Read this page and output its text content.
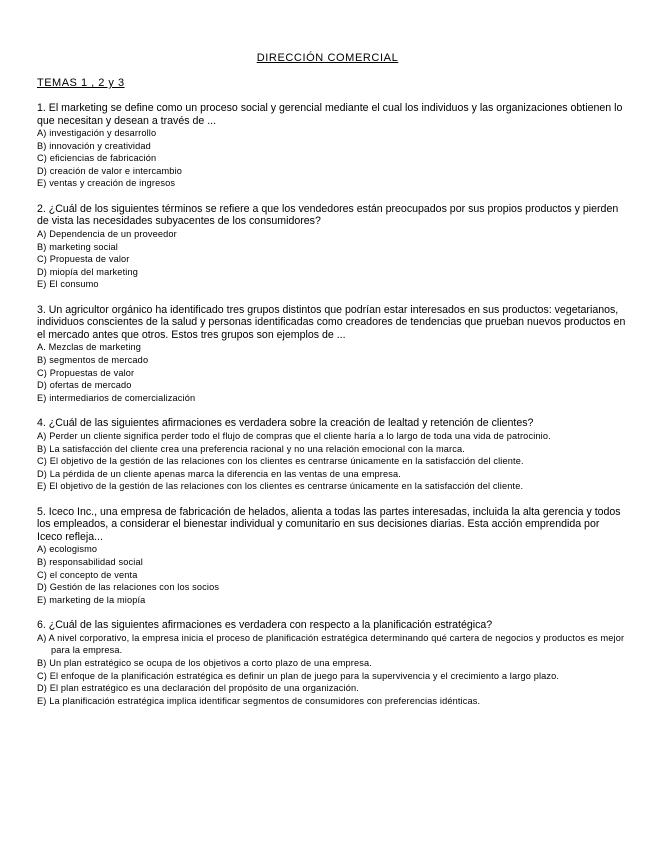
DIRECCIÓN COMERCIAL
TEMAS 1 , 2 y 3

1. El marketing se define como un proceso social y gerencial mediante el cual los individuos y las organizaciones obtienen lo que necesitan y desean a través de ...

A) investigación y desarrollo
B) innovación y creatividad
C) eficiencias de fabricación
D) creación de valor e intercambio
E) ventas y creación de ingresos

2. ¿Cuál de los siguientes términos se refiere a que los vendedores están preocupados por sus propios productos y pierden de vista las necesidades subyacentes de los consumidores?

A) Dependencia de un proveedor
B) marketing social
C) Propuesta de valor
D) miopía del marketing
E) El consumo

3. Un agricultor orgánico ha identificado tres grupos distintos que podrían estar interesados en sus productos: vegetarianos, individuos conscientes de la salud y personas identificadas como creadores de tendencias que prueban nuevos productos en el mercado antes que otros. Estos tres grupos son ejemplos de ...

A. Mezclas de marketing
B) segmentos de mercado
C) Propuestas de valor
D) ofertas de mercado
E) intermediarios de comercialización

4. ¿Cuál de las siguientes afirmaciones es verdadera sobre la creación de lealtad y retención de clientes?

A) Perder un cliente significa perder todo el flujo de compras que el cliente haría a lo largo de toda una vida de patrocinio.
B) La satisfacción del cliente crea una preferencia racional y no una relación emocional con la marca.
C) El objetivo de la gestión de las relaciones con los clientes es centrarse únicamente en la satisfacción del cliente.
D) La pérdida de un cliente apenas marca la diferencia en las ventas de una empresa.
E) El objetivo de la gestión de las relaciones con los clientes es centrarse únicamente en la satisfacción del cliente.

5. Iceco Inc., una empresa de fabricación de helados, alienta a todas las partes interesadas, incluida la alta gerencia y todos los empleados, a considerar el bienestar individual y comunitario en sus decisiones diarias. Esta acción emprendida por Iceco refleja...

A) ecologismo
B) responsabilidad social
C) el concepto de venta
D) Gestión de las relaciones con los socios
E) marketing de la miopía

6. ¿Cuál de las siguientes afirmaciones es verdadera con respecto a la planificación estratégica?

A) A nivel corporativo, la empresa inicia el proceso de planificación estratégica determinando qué cartera de negocios y productos es mejor para la empresa.
B) Un plan estratégico se ocupa de los objetivos a corto plazo de una empresa.
C) El enfoque de la planificación estratégica es definir un plan de juego para la supervivencia y el crecimiento a largo plazo.
D) El plan estratégico es una declaración del propósito de una organización.
E) La planificación estratégica implica identificar segmentos de consumidores con preferencias idénticas.
